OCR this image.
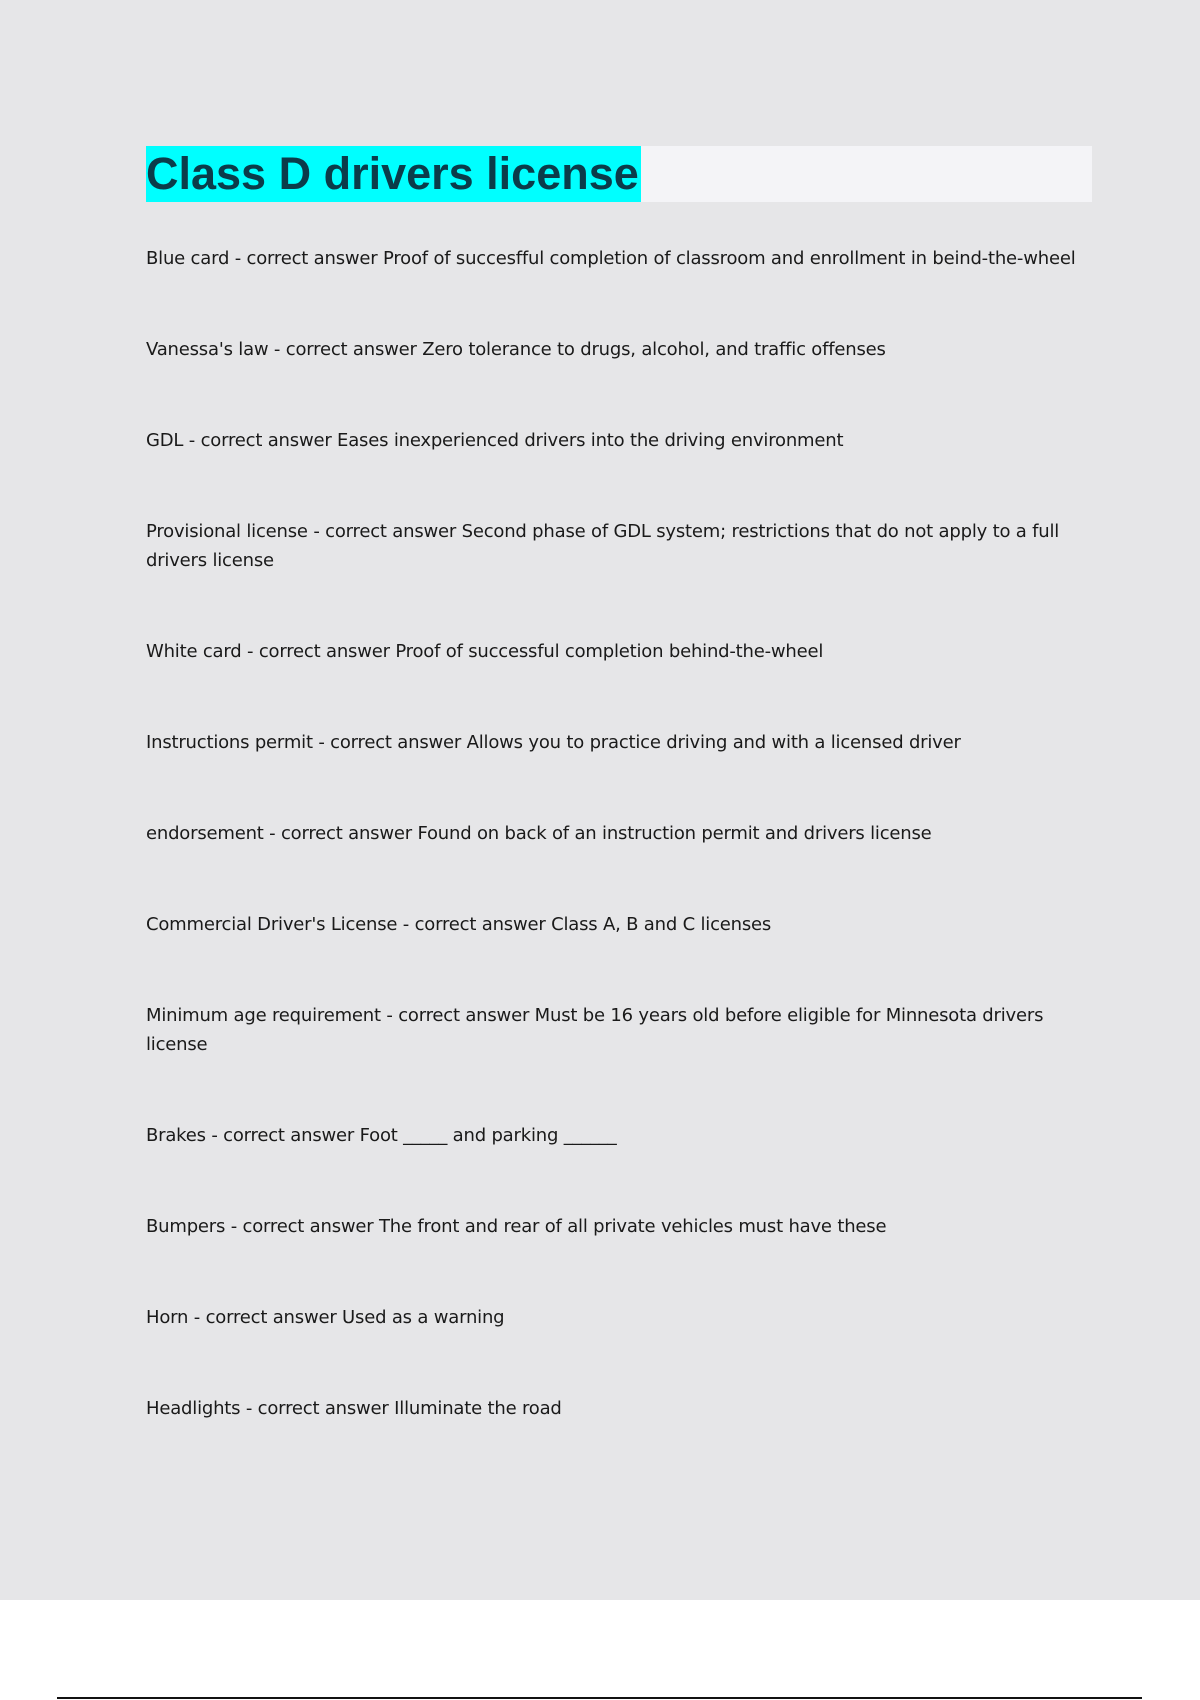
Class D drivers license
Blue card - correct answer Proof of succesfful completion of classroom and enrollment in beind-the-wheel
Vanessa's law - correct answer Zero tolerance to drugs, alcohol, and traffic offenses
GDL - correct answer Eases inexperienced drivers into the driving environment
Provisional license - correct answer Second phase of GDL system; restrictions that do not apply to a full drivers license
White card - correct answer Proof of successful completion behind-the-wheel
Instructions permit - correct answer Allows you to practice driving and with a licensed driver
endorsement - correct answer Found on back of an instruction permit and drivers license
Commercial Driver's License - correct answer Class A, B and C licenses
Minimum age requirement - correct answer Must be 16 years old before eligible for Minnesota drivers license
Brakes - correct answer Foot _____ and parking ______
Bumpers - correct answer The front and rear of all private vehicles must have these
Horn - correct answer Used as a warning
Headlights - correct answer Illuminate the road
